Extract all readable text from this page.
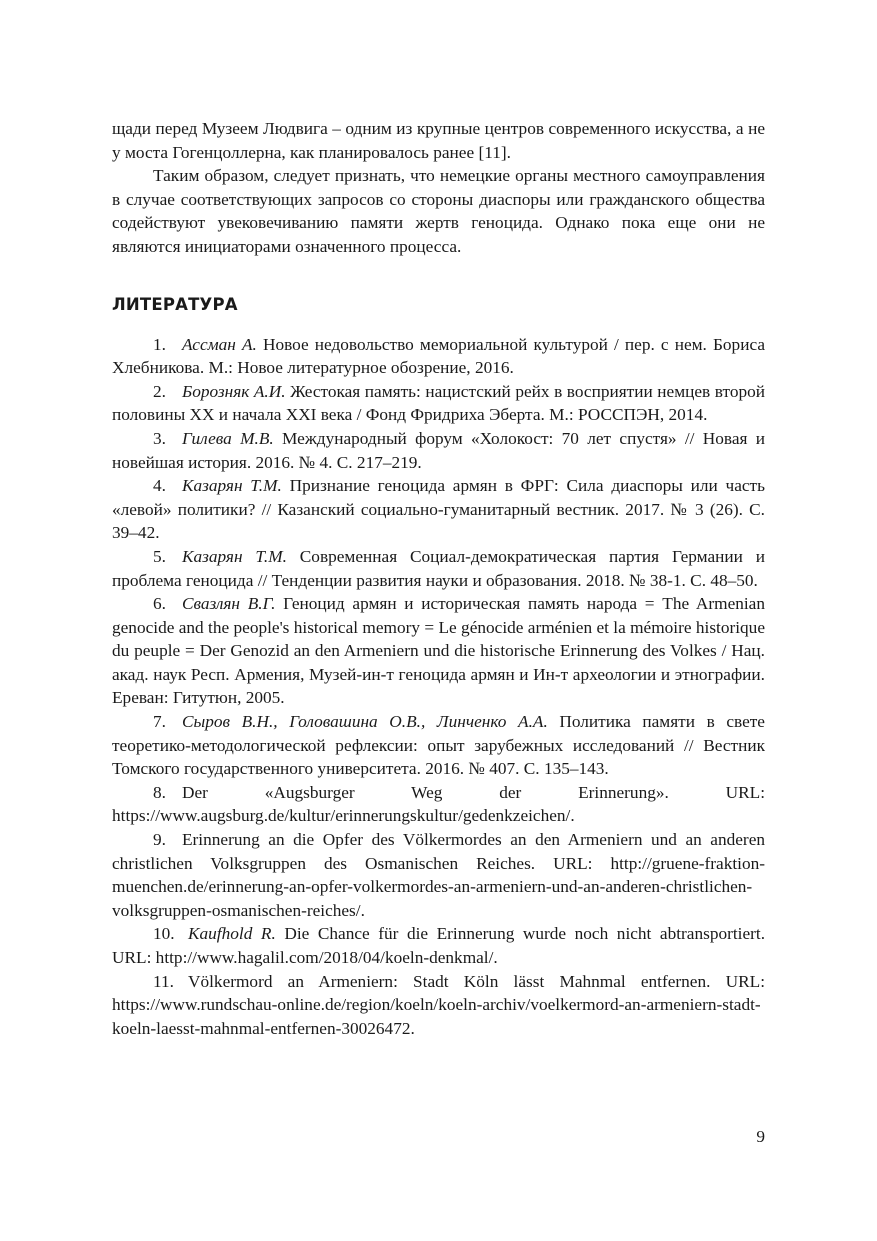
щади перед Музеем Людвига – одним из крупные центров современного искусства, а не у моста Гогенцоллерна, как планировалось ранее [11].

Таким образом, следует признать, что немецкие органы местного самоуправления в случае соответствующих запросов со стороны диаспоры или гражданского общества содействуют увековечиванию памяти жертв геноцида. Однако пока еще они не являются инициаторами означенного процесса.

ЛИТЕРАТУРА

1. Ассман А. Новое недовольство мемориальной культурой / пер. с нем. Бориса Хлебникова. М.: Новое литературное обозрение, 2016.

2. Борозняк А.И. Жестокая память: нацистский рейх в восприятии немцев второй половины XX и начала XXI века / Фонд Фридриха Эберта. М.: РОССПЭН, 2014.

3. Гилева М.В. Международный форум «Холокост: 70 лет спустя» // Новая и новейшая история. 2016. № 4. С. 217–219.

4. Казарян Т.М. Признание геноцида армян в ФРГ: Сила диаспоры или часть «левой» политики? // Казанский социально-гуманитарный вестник. 2017. № 3 (26). С. 39–42.

5. Казарян Т.М. Современная Социал-демократическая партия Германии и проблема геноцида // Тенденции развития науки и образования. 2018. № 38-1. С. 48–50.

6. Свазлян В.Г. Геноцид армян и историческая память народа = The Armenian genocide and the people's historical memory = Le génocide arménien et la mémoire historique du peuple = Der Genozid an den Armeniern und die historische Erinnerung des Volkes / Нац. акад. наук Респ. Армения, Музей-ин-т геноцида армян и Ин-т археологии и этнографии. Ереван: Гитутюн, 2005.

7. Сыров В.Н., Головашина О.В., Линченко А.А. Политика памяти в свете теоретико-методологической рефлексии: опыт зарубежных исследований // Вестник Томского государственного университета. 2016. № 407. С. 135–143.

8. Der «Augsburger Weg der Erinnerung». URL: https://www.augsburg.de/kultur/erinnerungskultur/gedenkzeichen/.

9. Erinnerung an die Opfer des Völkermordes an den Armeniern und an anderen christlichen Volksgruppen des Osmanischen Reiches. URL: http://gruene-fraktion-muenchen.de/erinnerung-an-opfer-volkermordes-an-armeniern-und-an-anderen-christlichen-volksgruppen-osmanischen-reiches/.

10. Kaufhold R. Die Chance für die Erinnerung wurde noch nicht abtransportiert. URL: http://www.hagalil.com/2018/04/koeln-denkmal/.

11. Völkermord an Armeniern: Stadt Köln lässt Mahnmal entfernen. URL: https://www.rundschau-online.de/region/koeln/koeln-archiv/voelkermord-an-armeniern-stadt-koeln-laesst-mahnmal-entfernen-30026472.

9
